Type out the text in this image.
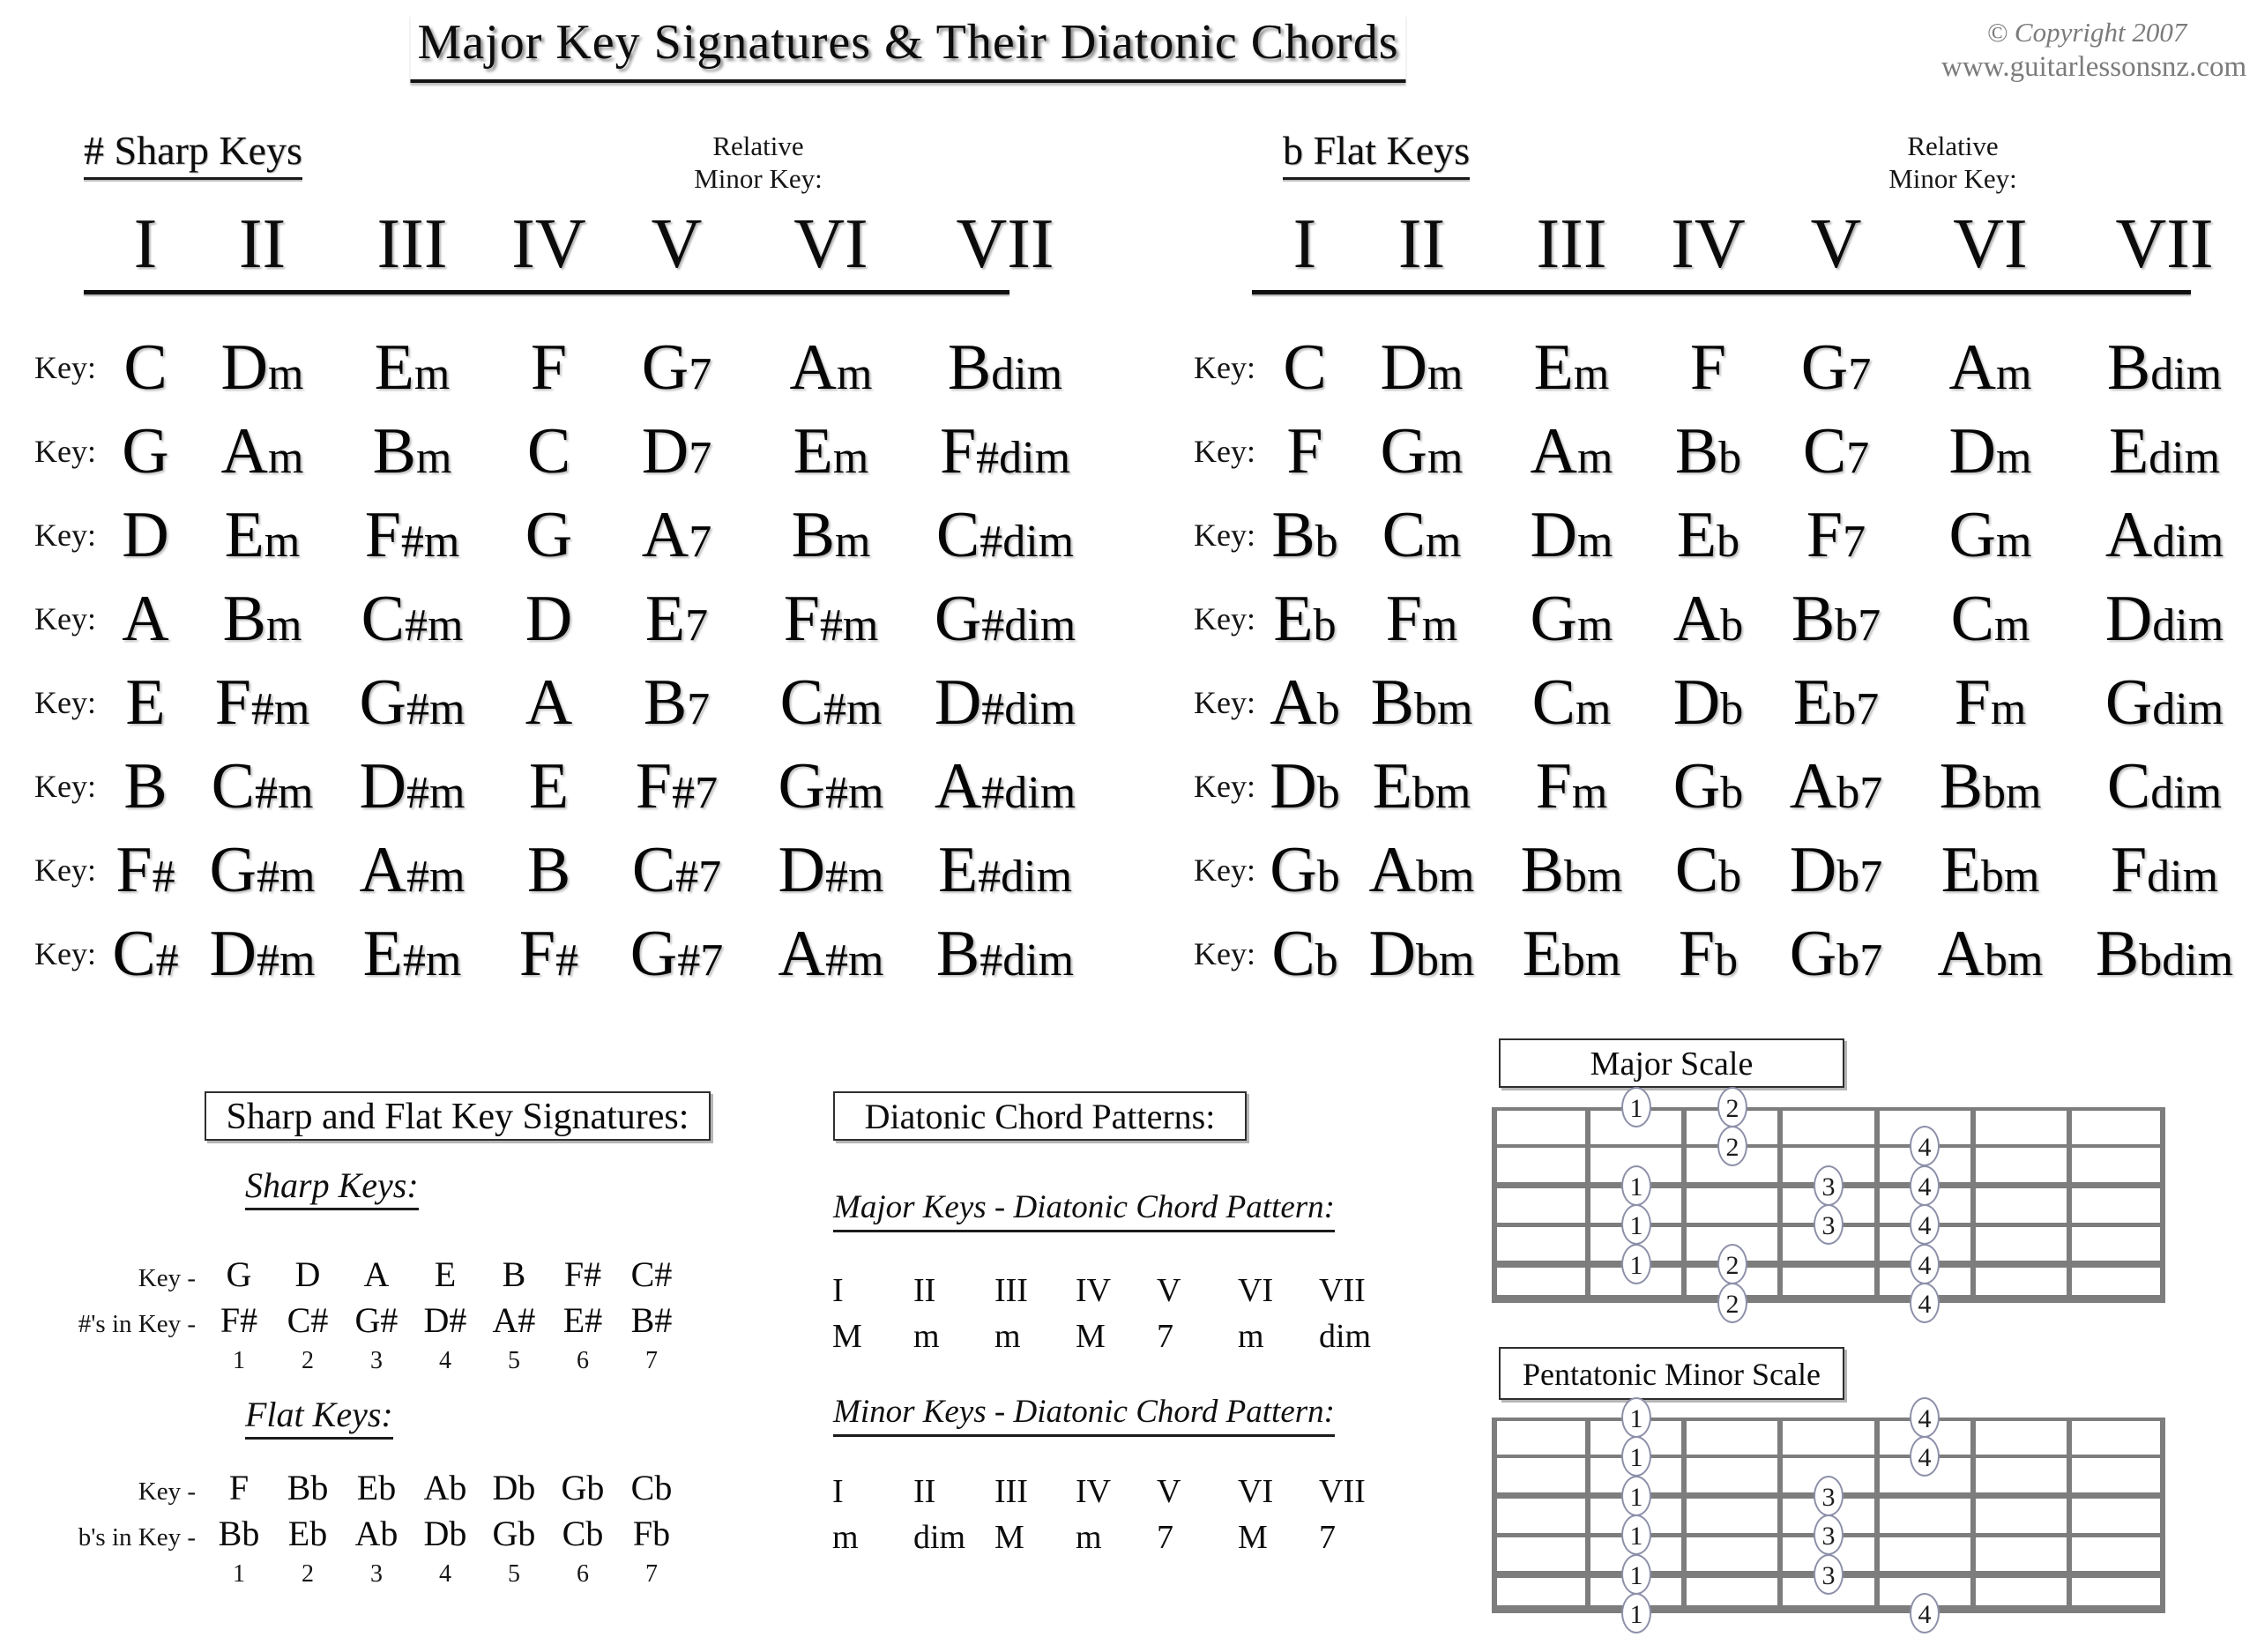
Major Key Signatures & Their Diatonic Chords	© Copyright 2007
www.guitarlessonsnz.com
# Sharp Keys	Relative
Minor Key:
I	II	III IV V	VI	VII
Key: C Dm	Em	F	G7	Am	Bdim
Key: G Am	Bm	C	D7	Em	F#dim
Key: D Em F#m	G	A7	Bm	C#dim
Key: A Bm C#m D	E7	F#m G#dim
Key: E F#m G#m A	B7	C#m D#dim
Key: B C#m D#m E	F#7 G#m A#dim
Key: F# G#m A#m B C#7 D#m E#dim
Key: C# D#m E#m F# G#7 A#m B#dim
b Flat Keys	Relative
Minor Key:
I	II	III IV V	VI	VII
Key: C Dm	Em	F	G7	Am	Bdim
Key: F Gm	Am Bb C7	Dm	Edim
Key: Bb Cm	Dm Eb	F7	Gm	Adim
Key: Eb Fm	Gm Ab Bb7	Cm	Ddim
Key: Ab Bbm Cm Db Eb7	Fm	Gdim
Key: Db Ebm Fm	Gb Ab7 Bbm	Cdim
Key: Gb Abm Bbm Cb Db7 Ebm	Fdim
Key: Cb Dbm Ebm Fb Gb7 Abm Bbdim
Sharp and Flat Key Signatures:
Sharp Keys:
Key - G	D	A	E	B	F# C#
#'s in Key - F# C# G# D# A# E# B#
1	2	3	4	5	6	7
Flat Keys:
Key - F	Bb Eb Ab Db Gb Cb
b's in Key - Bb Eb Ab Db Gb Cb Fb
1	2	3	4	5	6	7
Diatonic Chord Patterns:
Major Keys - Diatonic Chord Pattern:
I	II	III	IV	V	VI	VII
M	m	m	M	7	m	dim
Minor Keys - Diatonic Chord Pattern:
I	II	III	IV	V	VI	VII
m	dim M	m	7	M	7
Major Scale
1	2
2	4
1	3	4
1	3	4
1	2	4
2	4
Pentatonic Minor Scale
1	4
1	4
1	3
1	3
1	3
1	4
